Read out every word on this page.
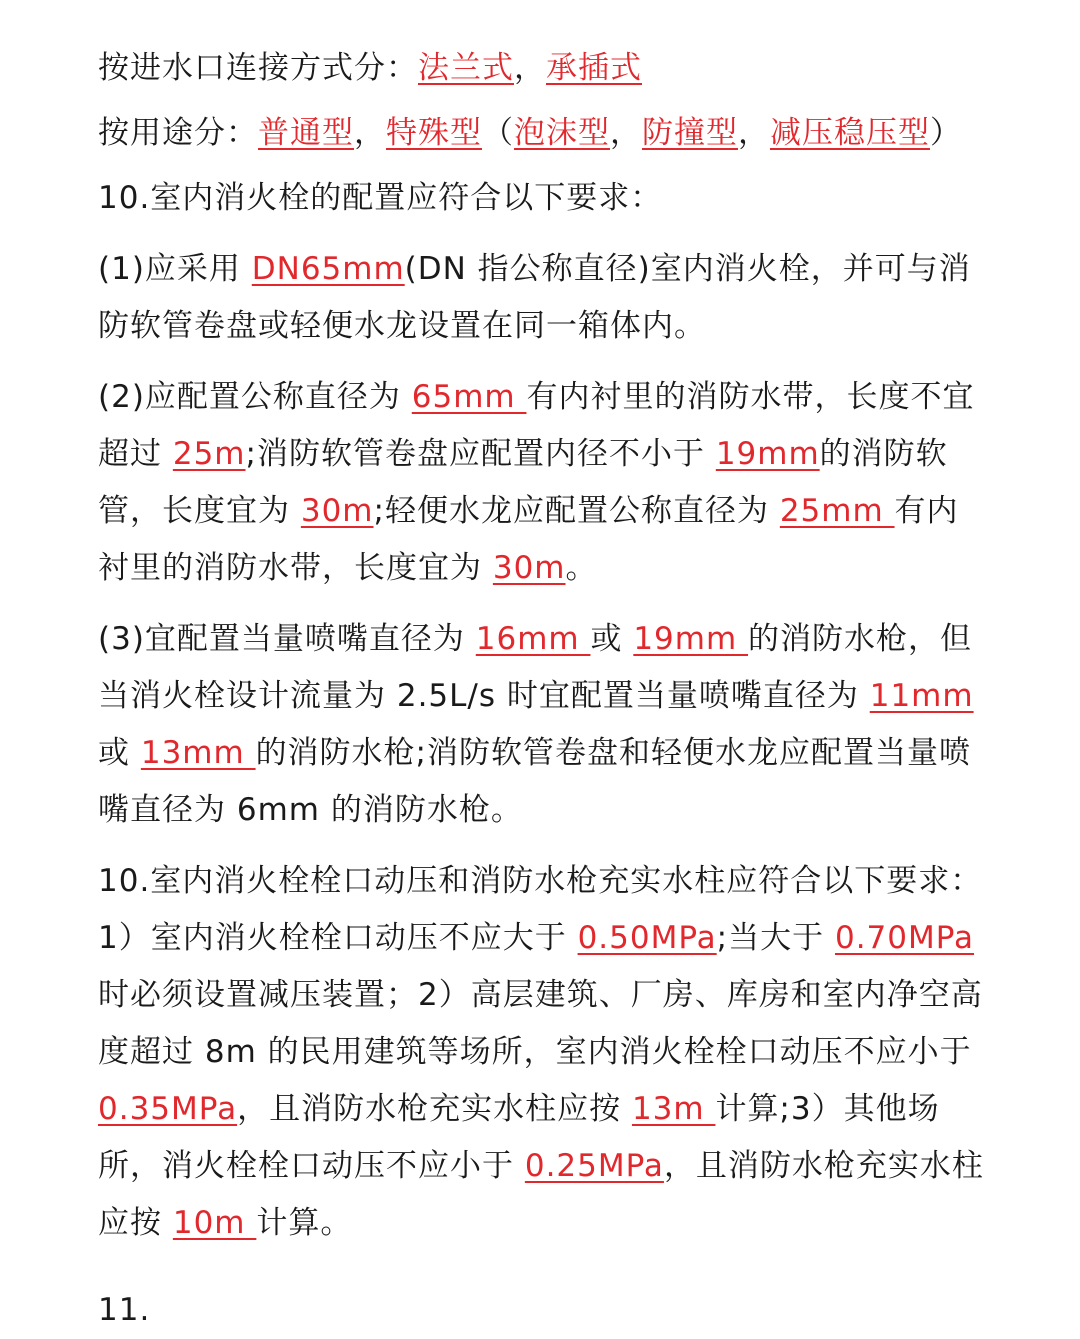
按进水口连接方式分：法兰式，承插式

按用途分：普通型，特殊型（泡沫型，防撞型，减压稳压型）

10.室内消火栓的配置应符合以下要求：

(1)应采用 DN65mm(DN 指公称直径)室内消火栓，并可与消防软管卷盘或轻便水龙设置在同一箱体内。

(2)应配置公称直径为 65mm 有内衬里的消防水带，长度不宜超过 25m;消防软管卷盘应配置内径不小于 19mm的消防软管，长度宜为 30m;轻便水龙应配置公称直径为 25mm 有内衬里的消防水带，长度宜为 30m。

(3)宜配置当量喷嘴直径为 16mm 或 19mm 的消防水枪，但当消火栓设计流量为 2.5L/s 时宜配置当量喷嘴直径为 11mm 或 13mm 的消防水枪;消防软管卷盘和轻便水龙应配置当量喷嘴直径为 6mm 的消防水枪。

10.室内消火栓栓口动压和消防水枪充实水柱应符合以下要求：1）室内消火栓栓口动压不应大于 0.50MPa;当大于 0.70MPa 时必须设置减压装置；2）高层建筑、厂房、库房和室内净空高度超过 8m 的民用建筑等场所，室内消火栓栓口动压不应小于 0.35MPa，且消防水枪充实水柱应按 13m 计算;3）其他场所，消火栓栓口动压不应小于 0.25MPa，且消防水枪充实水柱应按 10m 计算。

11.
